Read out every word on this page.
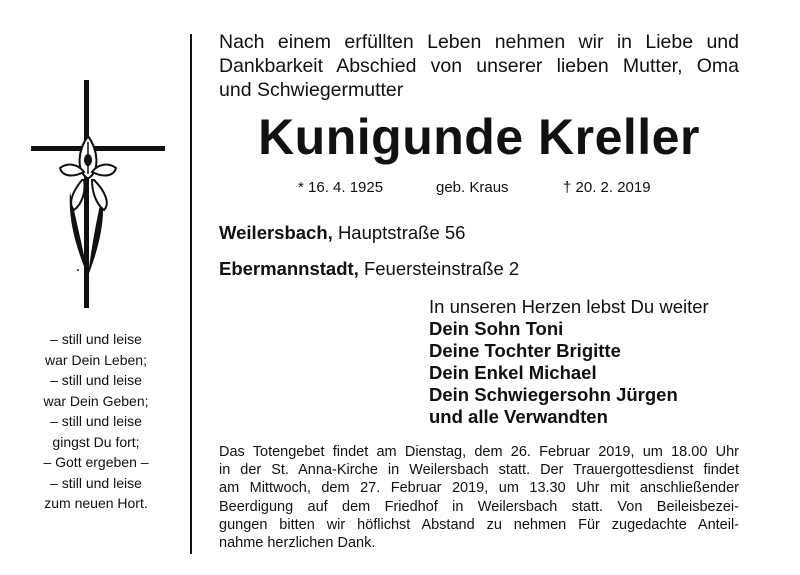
– still und leise
war Dein Leben;
– still und leise
war Dein Geben;
– still und leise
gingst Du fort;
– Gott ergeben –
– still und leise
zum neuen Hort.
Nach einem erfüllten Leben nehmen wir in Liebe und
Dankbarkeit Abschied von unserer lieben Mutter, Oma
und Schwiegermutter
Kunigunde Kreller
* 16. 4. 1925	geb. Kraus	† 20. 2. 2019
Weilersbach, Hauptstraße 56
Ebermannstadt, Feuersteinstraße 2
In unseren Herzen lebst Du weiter
Dein Sohn Toni
Deine Tochter Brigitte
Dein Enkel Michael
Dein Schwiegersohn Jürgen
und alle Verwandten
Das Totengebet findet am Dienstag, dem 26. Februar 2019, um 18.00 Uhr
in der St. Anna-Kirche in Weilersbach statt. Der Trauergottesdienst findet
am Mittwoch, dem 27. Februar 2019, um 13.30 Uhr mit anschließender
Beerdigung auf dem Friedhof in Weilersbach statt. Von Beileisbezei-
gungen bitten wir höflichst Abstand zu nehmen Für zugedachte Anteil-
nahme herzlichen Dank.
